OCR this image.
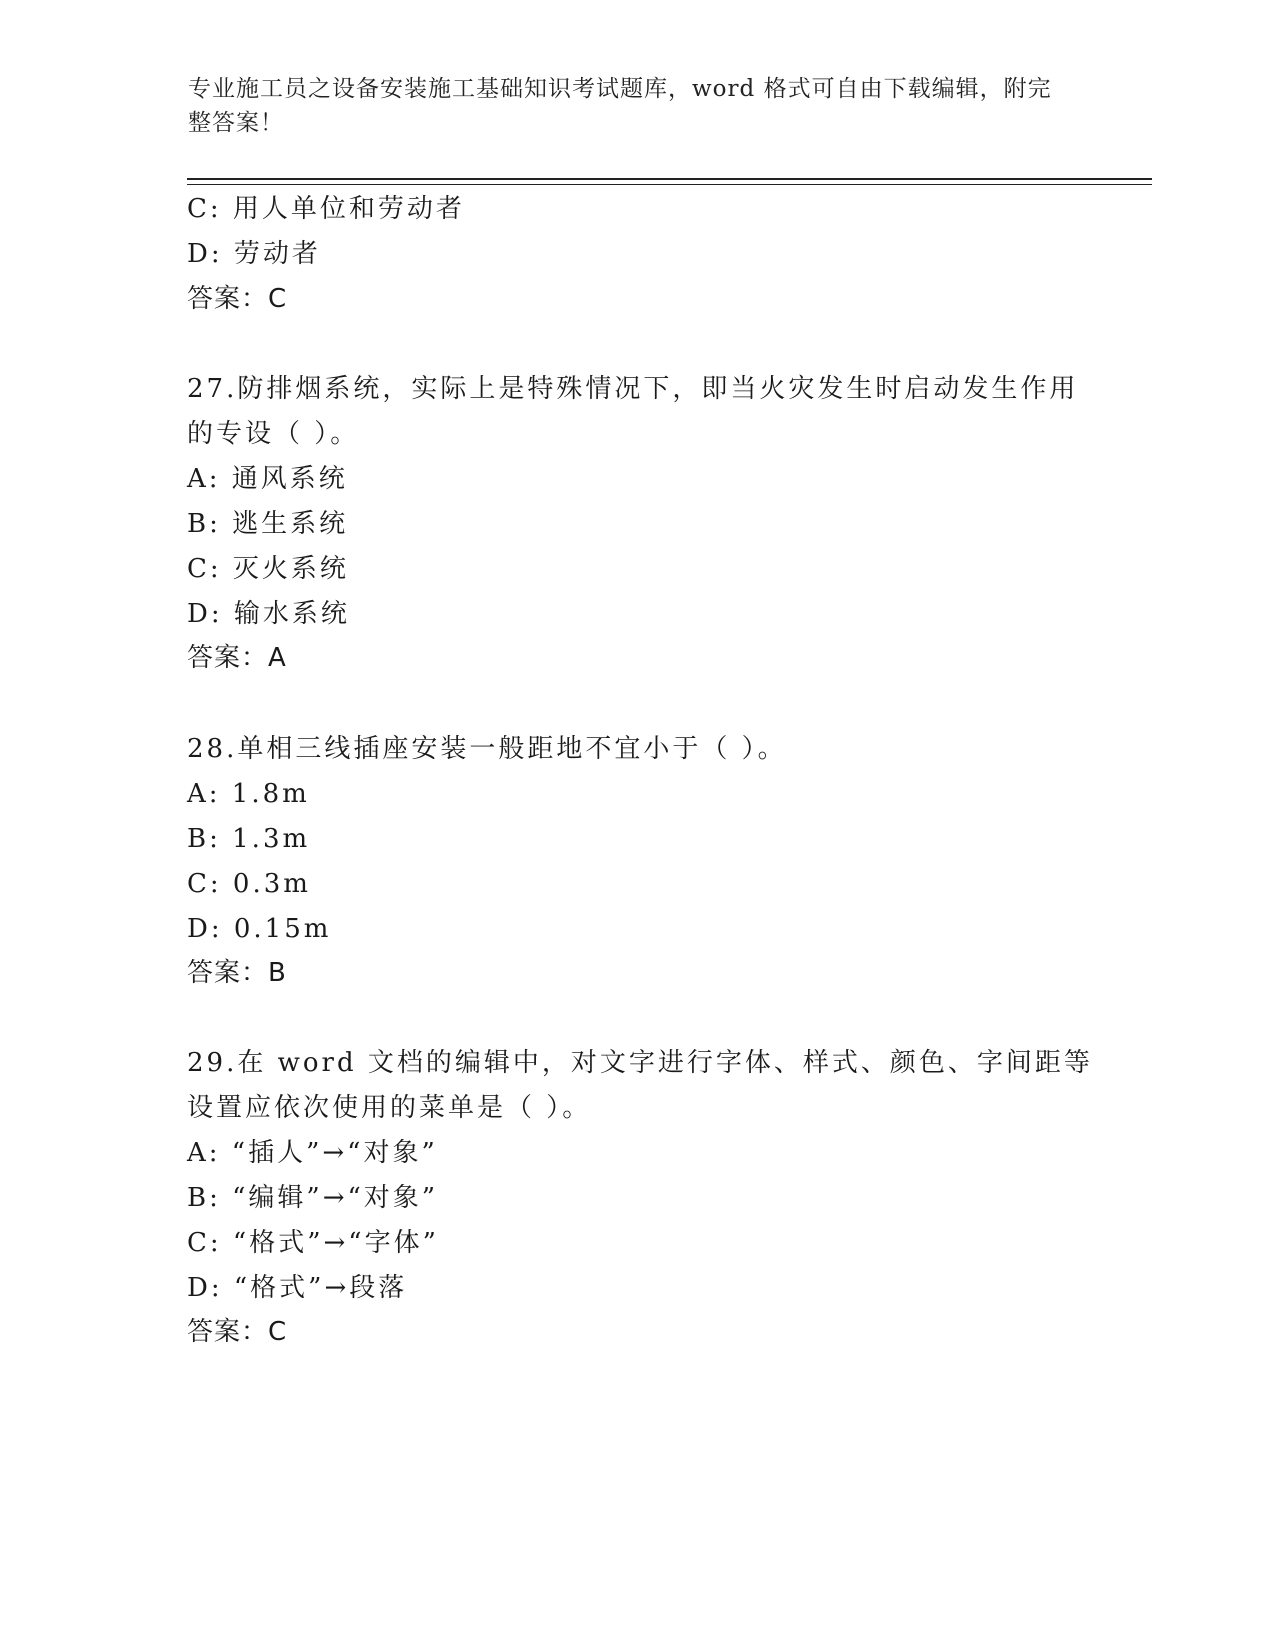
专业施工员之设备安装施工基础知识考试题库，word 格式可自由下载编辑，附完整答案！
C: 用人单位和劳动者
D: 劳动者
答案：C
27.防排烟系统，实际上是特殊情况下，即当火灾发生时启动发生作用
的专设（ ）。
A: 通风系统
B: 逃生系统
C: 灭火系统
D: 输水系统
答案：A
28.单相三线插座安装一般距地不宜小于（ ）。
A: 1.8m
B: 1.3m
C: 0.3m
D: 0.15m
答案：B
29.在 word 文档的编辑中，对文字进行字体、样式、颜色、字间距等
设置应依次使用的菜单是（ ）。
A: “插人”→“对象”
B: “编辑”→“对象”
C: “格式”→“字体”
D: “格式”→段落
答案：C
